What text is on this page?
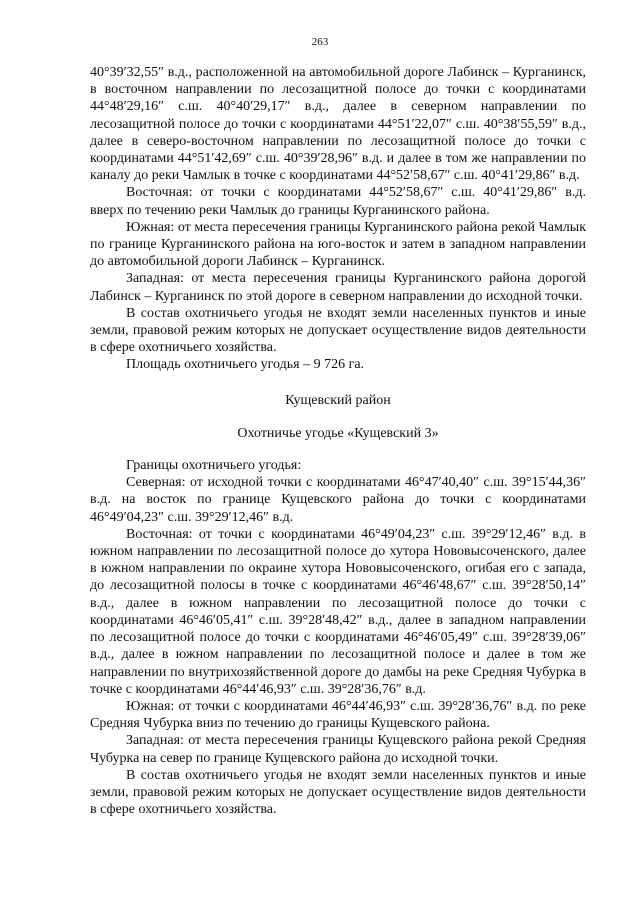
263

40°39′32,55″ в.д., расположенной на автомобильной дороге Лабинск – Курганинск, в восточном направлении по лесозащитной полосе до точки с координатами 44°48′29,16″ с.ш. 40°40′29,17″ в.д., далее в северном направлении по лесозащитной полосе до точки с координатами 44°51′22,07″ с.ш. 40°38′55,59″ в.д., далее в северо-восточном направлении по лесозащитной полосе до точки с координатами 44°51′42,69″ с.ш. 40°39′28,96″ в.д. и далее в том же направлении по каналу до реки Чамлык в точке с координатами 44°52′58,67″ с.ш. 40°41′29,86″ в.д.

Восточная: от точки с координатами 44°52′58,67″ с.ш. 40°41′29,86″ в.д. вверх по течению реки Чамлык до границы Курганинского района.

Южная: от места пересечения границы Курганинского района рекой Чамлык по границе Курганинского района на юго-восток и затем в западном направлении до автомобильной дороги Лабинск – Курганинск.

Западная: от места пересечения границы Курганинского района дорогой Лабинск – Курганинск по этой дороге в северном направлении до исходной точки.

В состав охотничьего угодья не входят земли населенных пунктов и иные земли, правовой режим которых не допускает осуществление видов деятельности в сфере охотничьего хозяйства.

Площадь охотничьего угодья – 9 726 га.

Кущевский район

Охотничье угодье «Кущевский 3»

Границы охотничьего угодья:

Северная: от исходной точки с координатами 46°47′40,40″ с.ш. 39°15′44,36″ в.д. на восток по границе Кущевского района до точки с координатами 46°49′04,23″ с.ш. 39°29′12,46″ в.д.

Восточная: от точки с координатами 46°49′04,23″ с.ш. 39°29′12,46″ в.д. в южном направлении по лесозащитной полосе до хутора Нововысоченского, далее в южном направлении по окраине хутора Нововысоченского, огибая его с запада, до лесозащитной полосы в точке с координатами 46°46′48,67″ с.ш. 39°28′50,14″ в.д., далее в южном направлении по лесозащитной полосе до точки с координатами 46°46′05,41″ с.ш. 39°28′48,42″ в.д., далее в западном направлении по лесозащитной полосе до точки с координатами 46°46′05,49″ с.ш. 39°28′39,06″ в.д., далее в южном направлении по лесозащитной полосе и далее в том же направлении по внутрихозяйственной дороге до дамбы на реке Средняя Чубурка в точке с координатами 46°44′46,93″ с.ш. 39°28′36,76″ в.д.

Южная: от точки с координатами 46°44′46,93″ с.ш. 39°28′36,76″ в.д. по реке Средняя Чубурка вниз по течению до границы Кущевского района.

Западная: от места пересечения границы Кущевского района рекой Средняя Чубурка на север по границе Кущевского района до исходной точки.

В состав охотничьего угодья не входят земли населенных пунктов и иные земли, правовой режим которых не допускает осуществление видов деятельности в сфере охотничьего хозяйства.
